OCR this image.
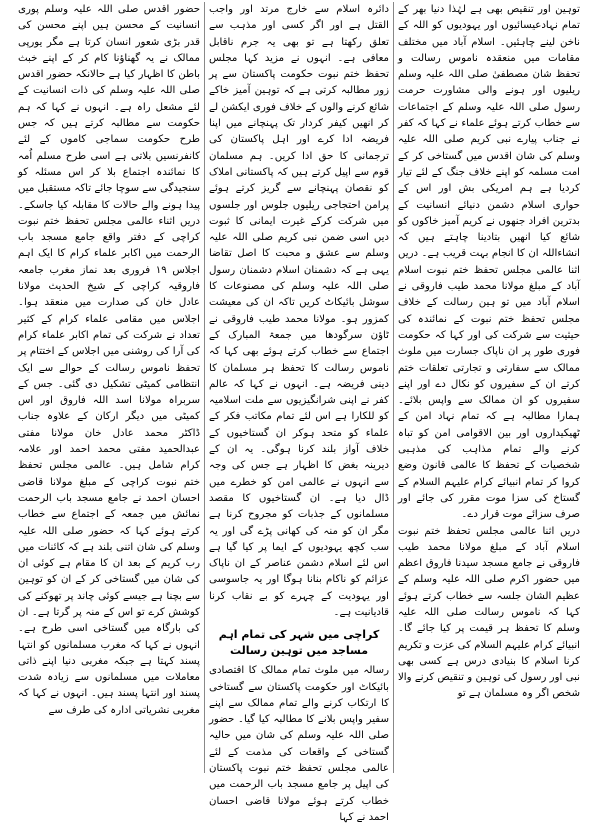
توہین اور تنقیص بھی ہے لہٰذا دنیا بھر کے تمام نہادعیسائیوں اور یہودیوں کو اللہ کے ناخن لینے چاہئیں۔ اسلام آباد میں مختلف مقامات میں منعقدہ ناموس رسالت و تحفظ شان مصطفیٰ صلی اللہ علیہ وسلم ریلیوں اور ہونے والی مشاورت حرمت رسول صلی اللہ علیہ وسلم کے اجتماعات سے خطاب کرتے ہوئے علماء نے کہا کہ کفر نے جناب پیارے نبی کریم صلی اللہ علیہ وسلم کی شان اقدس میں گستاخی کر کے امت مسلمہ کو اپنے خلاف جنگ کے لئے تیار کردیا ہے ہم امریکی بش اور اس کے حواری اسلام دشمن دنیائے انسانیت کے بدترین افراد جنھوں نے کریم آمیز خاکوں کو شائع کیا انھیں بتادینا چاہتے ہیں کہ انشاءاللہ ان کا انجام بہت قریب ہے۔ دریں اثنا عالمی مجلس تحفظ ختم نبوت اسلام آباد کے مبلغ مولانا محمد طیب فاروقی نے اسلام آباد میں تو ہین رسالت کے خلاف مجلس تحفظ ختم نبوت کے نمائندہ کی حیثیت سے شرکت کی اور کہا کہ حکومت فوری طور پر ان ناپاک جسارت میں ملوث ممالک سے سفارتی و تجارتی تعلقات ختم کرتے ان کے سفیروں کو نکال دے اور اپنے سفیروں کو ان ممالک سے واپس بلائے۔ ہمارا مطالبہ ہے کہ تمام نہاد امن کے ٹھیکیداروں اور بین الاقوامی امن کو تباہ کرنے والے تمام مذاہب کی مذہبی شخصیات کے تحفظ کا عالمی قانون وضع کروا کر تمام انبیائے کرام علیہم السلام کے گستاخ کی سزا موت مقرر کی جائے اور صرف سزائے موت قرار دے۔

دریں اثنا عالمی مجلس تحفظ ختم نبوت اسلام آباد کے مبلغ مولانا محمد طیب فاروقی نے جامع مسجد سیدنا فاروق اعظم میں حضور اکرم صلی اللہ علیہ وسلم کے عظیم الشان جلسہ سے خطاب کرتے ہوئے کہا کہ ناموس رسالت صلی اللہ علیہ وسلم کا تحفظ ہر قیمت پر کیا جائے گا۔ انبیائے کرام علیہم السلام کی عزت و تکریم کرنا اسلام کا بنیادی درس ہے کسی بھی نبی اور رسول کی توہین و تنقیص کرنے والا شخص اگر وہ مسلمان ہے تو

دائرہ اسلام سے خارج مرتد اور واجب القتل ہے اور اگر کسی اور مذہب سے تعلق رکھتا ہے تو بھی یہ جرم ناقابل معافی ہے۔ انہوں نے مزید کہا مجلس تحفظ ختم نبوت حکومت پاکستان سے پر زور مطالبہ کرتی ہے کہ توہین آمیز خاکے شائع کرنے والوں کے خلاف فوری ایکشن لے کر انھیں کیفر کردار تک پہنچانے میں اپنا فریضہ ادا کرے اور اہل پاکستان کی ترجمانی کا حق ادا کریں۔ ہم مسلمان قوم سے اپیل کرتے ہیں کہ پاکستانی املاک کو نقصان پہنچانے سے گریز کرتے ہوئے پرامن احتجاجی ریلیوں جلوس اور جلسوں میں شرکت کرکے غیرت ایمانی کا ثبوت دیں اسی ضمن نبی کریم صلی اللہ علیہ وسلم سے عشق و محبت کا اصل تقاضا یہی ہے کہ دشمنان اسلام دشمنان رسول صلی اللہ علیہ وسلم کی مصنوعات کا سوشل بائیکاٹ کریں تاکہ ان کی معیشت کمزور ہو۔ مولانا محمد طیب فاروقی نے ٹاؤن سرگودھا میں جمعۃ المبارک کے اجتماع سے خطاب کرتے ہوئے بھی کہا کہ ناموس رسالت کا تحفظ ہر مسلمان کا دینی فریضہ ہے۔ انہوں نے کہا کہ عالم کفر نے اپنی شرانگیزیوں سے ملت اسلامیہ کو للکارا ہے اس لئے تمام مکاتب فکر کے علماء کو متحد ہوکر ان گستاخیوں کے خلاف آواز بلند کرنا ہوگی۔ یہ ان کے دیرینہ بغض کا اظہار ہے جس کی وجہ سے انہوں نے عالمی امن کو خطرے میں ڈال دیا ہے۔ ان گستاخیوں کا مقصد مسلمانوں کے جذبات کو مجروح کرنا ہے مگر ان کو منہ کی کھانی پڑے گی اور یہ سب کچھ یہودیوں کے ایما پر کیا گیا ہے اس لئے اسلام دشمن عناصر کے ان ناپاک عزائم کو ناکام بنانا ہوگا اور یہ جاسوسی اور یہودیت کے چہرے کو بے نقاب کرنا قادیانیت ہے۔

کراچی میں شہر کی تمام اہم مساجد میں توہین رسالت

رسالہ میں ملوث تمام ممالک کا اقتصادی بائیکاٹ اور حکومت پاکستان سے گستاخی کا ارتکاب کرنے والے تمام ممالک سے اپنے سفیر واپس بلانے کا مطالبہ کیا گیا۔ حضور صلی اللہ علیہ وسلم کی شان میں حالیہ گستاخی کے واقعات کی مذمت کے لئے عالمی مجلس تحفظ ختم نبوت پاکستان کی اپیل پر جامع مسجد باب الرحمت میں خطاب کرتے ہوئے مولانا قاضی احسان احمد نے کہا

حضور اقدس صلی اللہ علیہ وسلم پوری انسانیت کے محسن ہیں اپنے محسن کی قدر بڑی شعور انسان کرتا ہے مگر یورپی ممالک نے یہ گھناؤنا کام کر کے اپنے خبث باطن کا اظہار کیا ہے حالانکہ حضور اقدس صلی اللہ علیہ وسلم کی ذات انسانیت کے لئے مشعل راہ ہے۔ انہوں نے کہا کہ ہم حکومت سے مطالبہ کرتے ہیں کہ جس طرح حکومت سماجی کاموں کے لئے کانفرنسیں بلاتی ہے اسی طرح مسلم اُمہ کا نمائندہ اجتماع بلا کر اس مسئلہ کو سنجیدگی سے سوچا جائے تاکہ مستقبل میں پیدا ہونے والے حالات کا مقابلہ کیا جاسکے۔ دریں اثناء عالمی مجلس تحفظ ختم نبوت کراچی کے دفتر واقع جامع مسجد باب الرحمت میں اکابر علماء کرام کا ایک اہم اجلاس ۱۹ فروری بعد نماز مغرب جامعہ فاروقیہ کراچی کے شیخ الحدیث مولانا عادل خان کی صدارت میں منعقد ہوا۔ اجلاس میں مقامی علماء کرام کے کثیر تعداد نے شرکت کی تمام اکابر علماء کرام کی آرا کی روشنی میں اجلاس کے اختتام پر تحفظ ناموس رسالت کے حوالے سے ایک انتظامی کمیٹی تشکیل دی گئی۔ جس کے سربراہ مولانا اسد اللہ فاروق اور اس کمیٹی میں دیگر ارکان کے علاوہ جناب ڈاکٹر محمد عادل خان مولانا مفتی عبدالحمید مفتی محمد احمد اور علامہ کرام شامل ہیں۔ عالمی مجلس تحفظ ختم نبوت کراچی کے مبلغ مولانا قاضی احسان احمد نے جامع مسجد باب الرحمت نمائش میں جمعہ کے اجتماع سے خطاب کرتے ہوئے کہا کہ حضور صلی اللہ علیہ وسلم کی شان اتنی بلند ہے کہ کائنات میں رب کریم کے بعد ان کا مقام ہے کوئی ان کی شان میں گستاخی کر کے ان کو توہین سے بچنا ہے جیسے کوئی چاند پر تھوکنے کی کوشش کرے تو اس کے منہ پر گرتا ہے۔ ان کی بارگاہ میں گستاخی اسی طرح ہے۔ انہوں نے کہا کہ مغرب مسلمانوں کو انتہا پسند کہتا ہے جبکہ مغربی دنیا اپنے ذاتی معاملات میں مسلمانوں سے زیادہ شدت پسند اور انتہا پسند ہیں۔ انہوں نے کہا کہ مغربی نشریاتی ادارہ کی طرف سے
